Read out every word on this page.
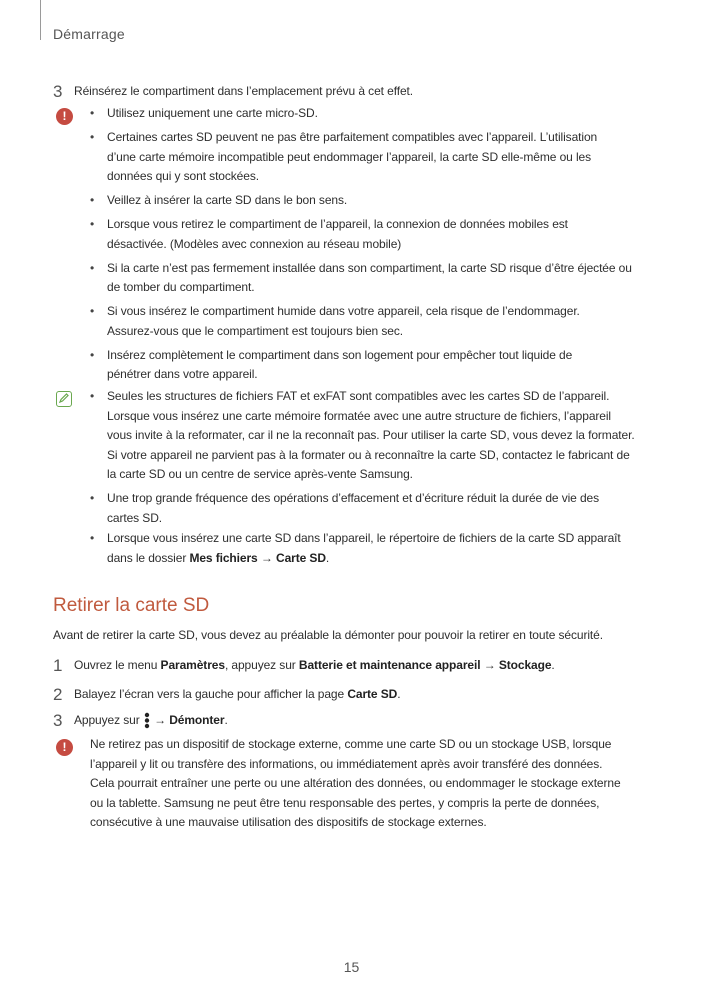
Démarrage
3 Réinsérez le compartiment dans l’emplacement prévu à cet effet.
!	• Utilisez uniquement une carte micro-SD.
• Certaines cartes SD peuvent ne pas être parfaitement compatibles avec l’appareil. L’utilisation
d’une carte mémoire incompatible peut endommager l’appareil, la carte SD elle-même ou les
données qui y sont stockées.
• Veillez à insérer la carte SD dans le bon sens.
• Lorsque vous retirez le compartiment de l’appareil, la connexion de données mobiles est
désactivée. (Modèles avec connexion au réseau mobile)
• Si la carte n’est pas fermement installée dans son compartiment, la carte SD risque d’être éjectée ou
de tomber du compartiment.
• Si vous insérez le compartiment humide dans votre appareil, cela risque de l’endommager.
Assurez-vous que le compartiment est toujours bien sec.
• Insérez complètement le compartiment dans son logement pour empêcher tout liquide de
pénétrer dans votre appareil.
• Seules les structures de fichiers FAT et exFAT sont compatibles avec les cartes SD de l’appareil.
Lorsque vous insérez une carte mémoire formatée avec une autre structure de fichiers, l’appareil
vous invite à la reformater, car il ne la reconnaît pas. Pour utiliser la carte SD, vous devez la formater.
Si votre appareil ne parvient pas à la formater ou à reconnaître la carte SD, contactez le fabricant de
la carte SD ou un centre de service après-vente Samsung.
• Une trop grande fréquence des opérations d’effacement et d’écriture réduit la durée de vie des
cartes SD.
• Lorsque vous insérez une carte SD dans l’appareil, le répertoire de fichiers de la carte SD apparaît
dans le dossier Mes fichiers → Carte SD.
Retirer la carte SD
Avant de retirer la carte SD, vous devez au préalable la démonter pour pouvoir la retirer en toute sécurité.
1 Ouvrez le menu Paramètres, appuyez sur Batterie et maintenance appareil → Stockage.
2 Balayez l’écran vers la gauche pour afficher la page Carte SD.
3 Appuyez sur
→ Démonter.
!	Ne retirez pas un dispositif de stockage externe, comme une carte SD ou un stockage USB, lorsque
l’appareil y lit ou transfère des informations, ou immédiatement après avoir transféré des données.
Cela pourrait entraîner une perte ou une altération des données, ou endommager le stockage externe
ou la tablette. Samsung ne peut être tenu responsable des pertes, y compris la perte de données,
consécutive à une mauvaise utilisation des dispositifs de stockage externes.
15
